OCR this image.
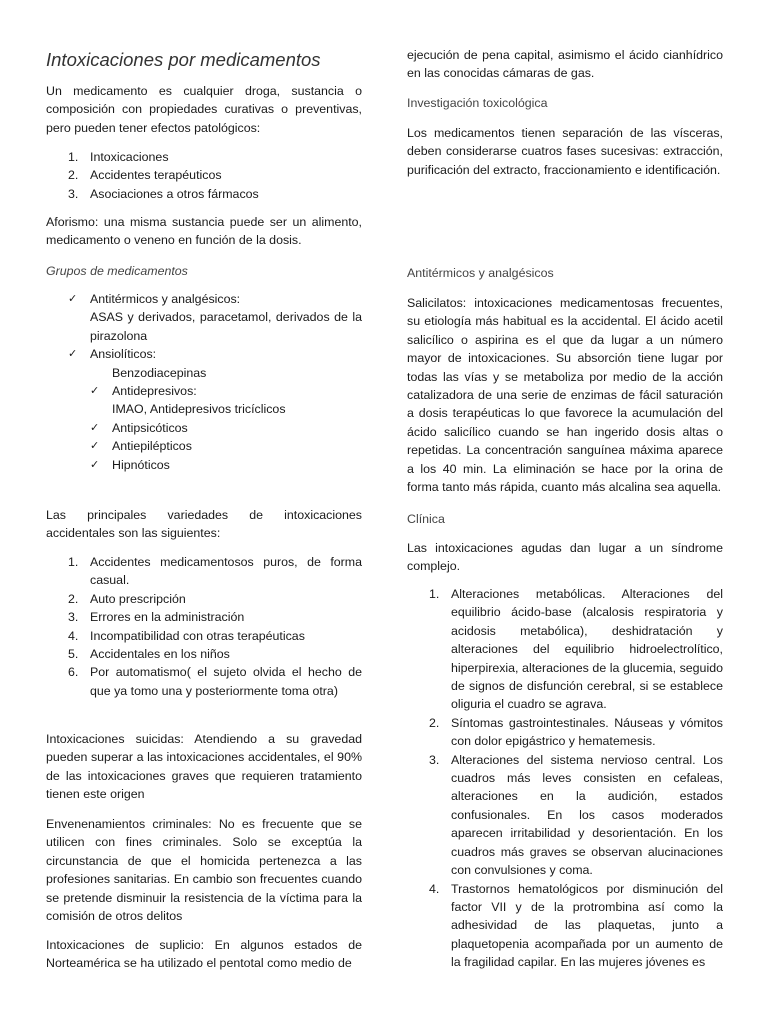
Intoxicaciones por medicamentos

Un medicamento es cualquier droga, sustancia o composición con propiedades curativas o preventivas, pero pueden tener efectos patológicos:

1. Intoxicaciones
2. Accidentes terapéuticos
3. Asociaciones a otros fármacos

Aforismo: una misma sustancia puede ser un alimento, medicamento o veneno en función de la dosis.

Grupos de medicamentos

✓ Antitérmicos y analgésicos:
ASAS y derivados, paracetamol, derivados de la pirazolona
✓ Ansiolíticos:
Benzodiacepinas
✓ Antidepresivos:
IMAO, Antidepresivos tricíclicos
✓ Antipsicóticos
✓ Antiepilépticos
✓ Hipnóticos

Las principales variedades de intoxicaciones accidentales son las siguientes:

1. Accidentes medicamentosos puros, de forma casual.
2. Auto prescripción
3. Errores en la administración
4. Incompatibilidad con otras terapéuticas
5. Accidentales en los niños
6. Por automatismo( el sujeto olvida el hecho de que ya tomo una y posteriormente toma otra)

Intoxicaciones suicidas: Atendiendo a su gravedad pueden superar a las intoxicaciones accidentales, el 90% de las intoxicaciones graves que requieren tratamiento tienen este origen

Envenenamientos criminales: No es frecuente que se utilicen con fines criminales. Solo se exceptúa la circunstancia de que el homicida pertenezca a las profesiones sanitarias. En cambio son frecuentes cuando se pretende disminuir la resistencia de la víctima para la comisión de otros delitos

Intoxicaciones de suplicio: En algunos estados de Norteamérica se ha utilizado el pentotal como medio de

ejecución de pena capital, asimismo el ácido cianhídrico en las conocidas cámaras de gas.

Investigación toxicológica

Los medicamentos tienen separación de las vísceras, deben considerarse cuatros fases sucesivas: extracción, purificación del extracto, fraccionamiento e identificación.

Antitérmicos y analgésicos

Salicilatos: intoxicaciones medicamentosas frecuentes, su etiología más habitual es la accidental. El ácido acetil salicílico o aspirina es el que da lugar a un número mayor de intoxicaciones. Su absorción tiene lugar por todas las vías y se metaboliza por medio de la acción catalizadora de una serie de enzimas de fácil saturación a dosis terapéuticas lo que favorece la acumulación del ácido salicílico cuando se han ingerido dosis altas o repetidas. La concentración sanguínea máxima aparece a los 40 min. La eliminación se hace por la orina de forma tanto más rápida, cuanto más alcalina sea aquella.

Clínica

Las intoxicaciones agudas dan lugar a un síndrome complejo.

1. Alteraciones metabólicas. Alteraciones del equilibrio ácido-base (alcalosis respiratoria y acidosis metabólica), deshidratación y alteraciones del equilibrio hidroelectrolítico, hiperpirexia, alteraciones de la glucemia, seguido de signos de disfunción cerebral, si se establece oliguria el cuadro se agrava.
2. Síntomas gastrointestinales. Náuseas y vómitos con dolor epigástrico y hematemesis.
3. Alteraciones del sistema nervioso central. Los cuadros más leves consisten en cefaleas, alteraciones en la audición, estados confusionales. En los casos moderados aparecen irritabilidad y desorientación. En los cuadros más graves se observan alucinaciones con convulsiones y coma.
4. Trastornos hematológicos por disminución del factor VII y de la protrombina así como la adhesividad de las plaquetas, junto a plaquetopenia acompañada por un aumento de la fragilidad capilar. En las mujeres jóvenes es
